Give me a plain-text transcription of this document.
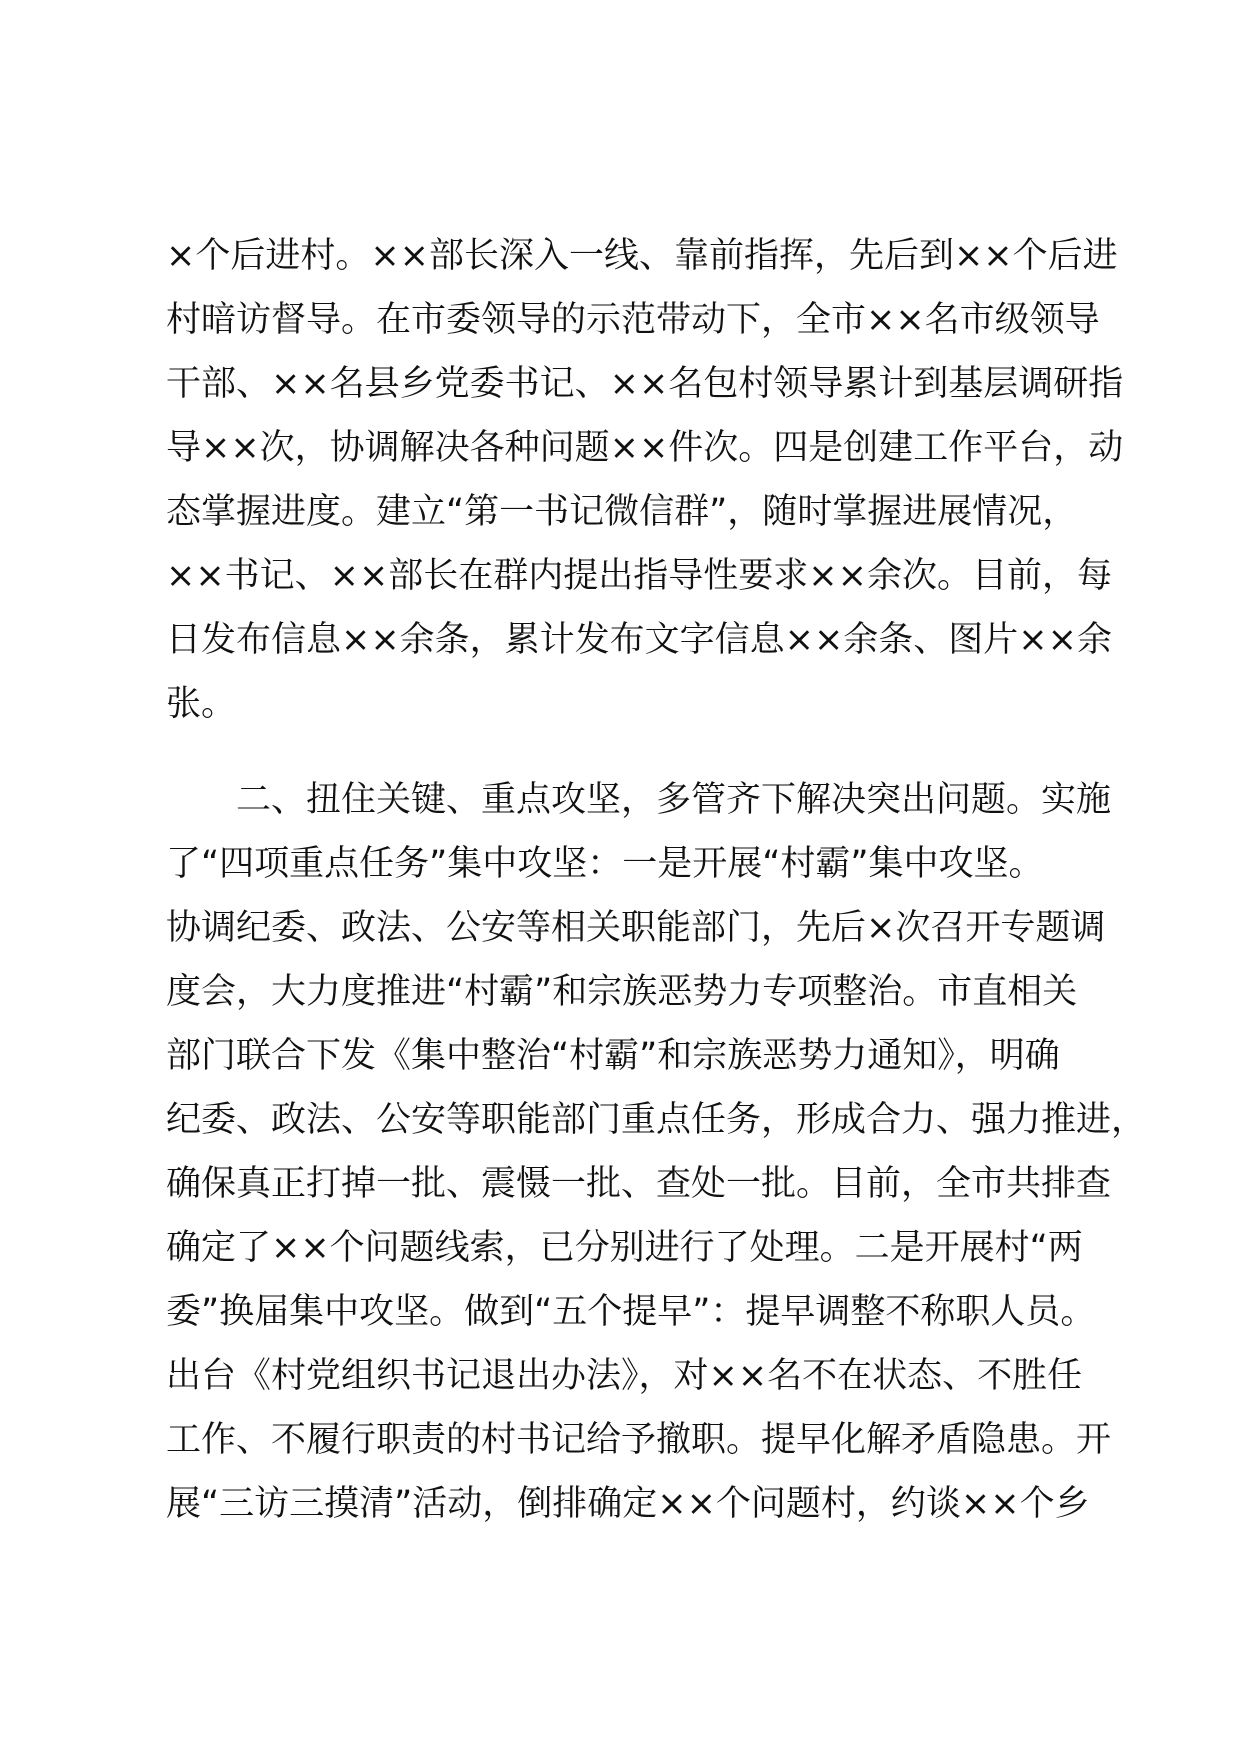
×个后进村。××部长深入一线、靠前指挥，先后到××个后进
村暗访督导。在市委领导的示范带动下，全市××名市级领导
干部、××名县乡党委书记、××名包村领导累计到基层调研指
导××次，协调解决各种问题××件次。四是创建工作平台，动
态掌握进度。建立“第一书记微信群”，随时掌握进展情况，
××书记、××部长在群内提出指导性要求××余次。目前，每
日发布信息××余条，累计发布文字信息××余条、图片××余
张。

二、扭住关键、重点攻坚，多管齐下解决突出问题。实施
了“四项重点任务”集中攻坚：一是开展“村霸”集中攻坚。
协调纪委、政法、公安等相关职能部门，先后×次召开专题调
度会，大力度推进“村霸”和宗族恶势力专项整治。市直相关
部门联合下发《集中整治“村霸”和宗族恶势力通知》，明确
纪委、政法、公安等职能部门重点任务，形成合力、强力推进，
确保真正打掉一批、震慑一批、查处一批。目前，全市共排查
确定了××个问题线索，已分别进行了处理。二是开展村“两
委”换届集中攻坚。做到“五个提早”：提早调整不称职人员。
出台《村党组织书记退出办法》，对××名不在状态、不胜任
工作、不履行职责的村书记给予撤职。提早化解矛盾隐患。开
展“三访三摸清”活动，倒排确定××个问题村，约谈××个乡
